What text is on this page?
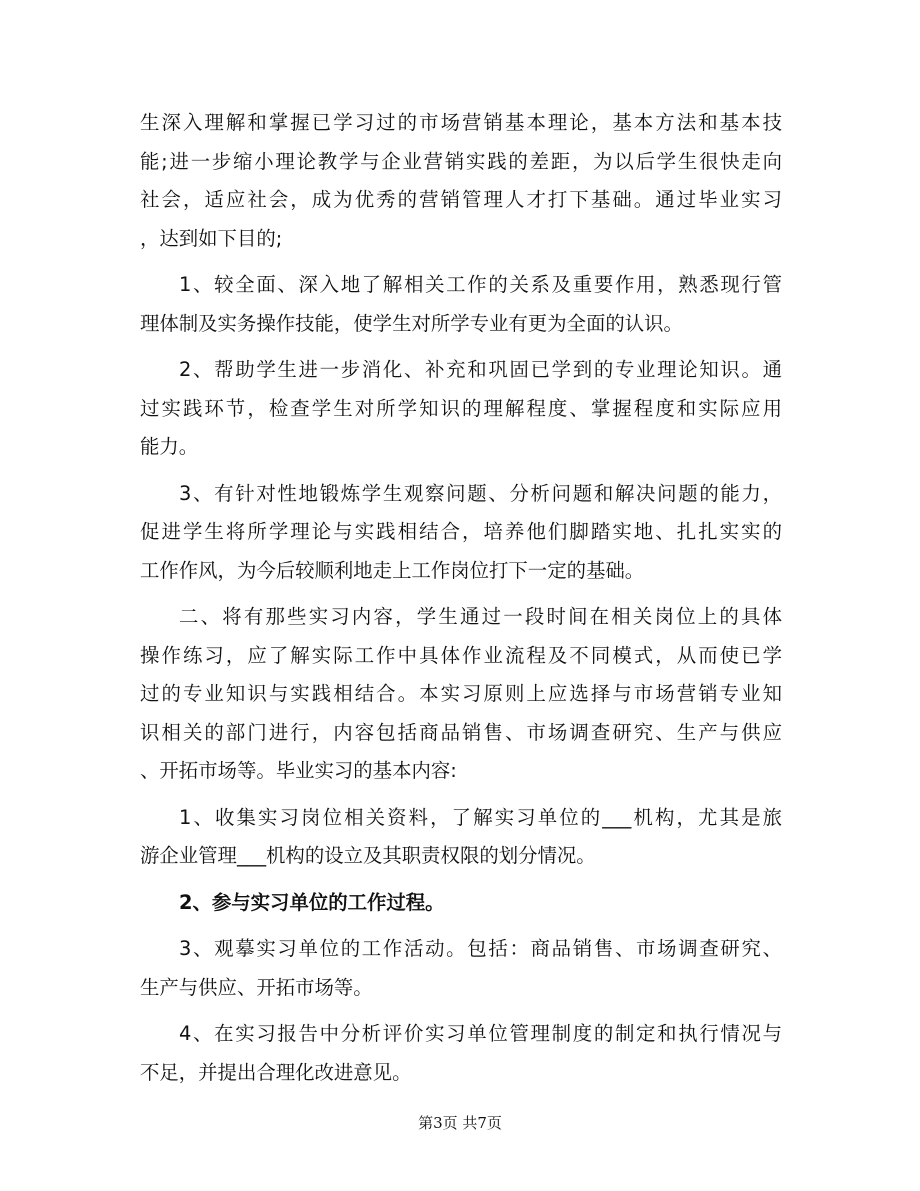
生深入理解和掌握已学习过的市场营销基本理论，基本方法和基本技
能;进一步缩小理论教学与企业营销实践的差距，为以后学生很快走向
社会，适应社会，成为优秀的营销管理人才打下基础。通过毕业实习
，达到如下目的;
1、较全面、深入地了解相关工作的关系及重要作用，熟悉现行管
理体制及实务操作技能，使学生对所学专业有更为全面的认识。
2、帮助学生进一步消化、补充和巩固已学到的专业理论知识。通
过实践环节，检查学生对所学知识的理解程度、掌握程度和实际应用
能力。
3、有针对性地锻炼学生观察问题、分析问题和解决问题的能力，
促进学生将所学理论与实践相结合，培养他们脚踏实地、扎扎实实的
工作作风，为今后较顺利地走上工作岗位打下一定的基础。
二、将有那些实习内容，学生通过一段时间在相关岗位上的具体
操作练习，应了解实际工作中具体作业流程及不同模式，从而使已学
过的专业知识与实践相结合。本实习原则上应选择与市场营销专业知
识相关的部门进行，内容包括商品销售、市场调查研究、生产与供应
、开拓市场等。毕业实习的基本内容:
1、收集实习岗位相关资料，了解实习单位的___机构，尤其是旅
游企业管理___机构的设立及其职责权限的划分情况。
2、参与实习单位的工作过程。
3、观摹实习单位的工作活动。包括：商品销售、市场调查研究、
生产与供应、开拓市场等。
4、在实习报告中分析评价实习单位管理制度的制定和执行情况与
不足，并提出合理化改进意见。
第3页 共7页
